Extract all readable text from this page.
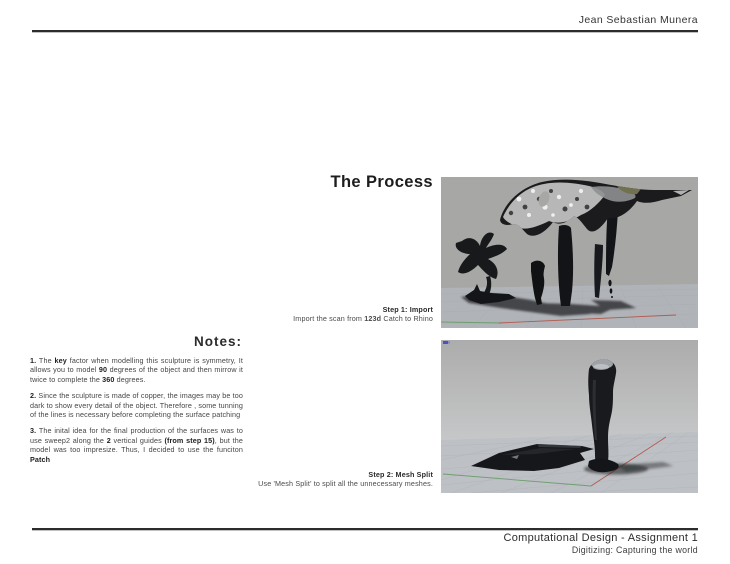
Jean Sebastian Munera
The Process
Step 1: Import
Import the scan from 123d Catch to Rhino
Notes:

1. The key factor when modelling this sculpture is symmetry, It allows you to model 90 degrees of the object and then mirrow it twice to complete the 360 degrees.

2. Since the sculpture is made of copper, the images may be too dark to show every detail of the object. Therefore , some tunning of the lines is necessary before completing the surface patching

3. The inital idea for the final production of the surfaces was to use sweep2 along the 2 vertical guides (from step 15), but the model was too impresize. Thus, I decided to use the funciton Patch

Step 2: Mesh Split
Use 'Mesh Split' to split all the unnecessary meshes.
Computational Design - Assignment 1
Digitizing: Capturing the world
